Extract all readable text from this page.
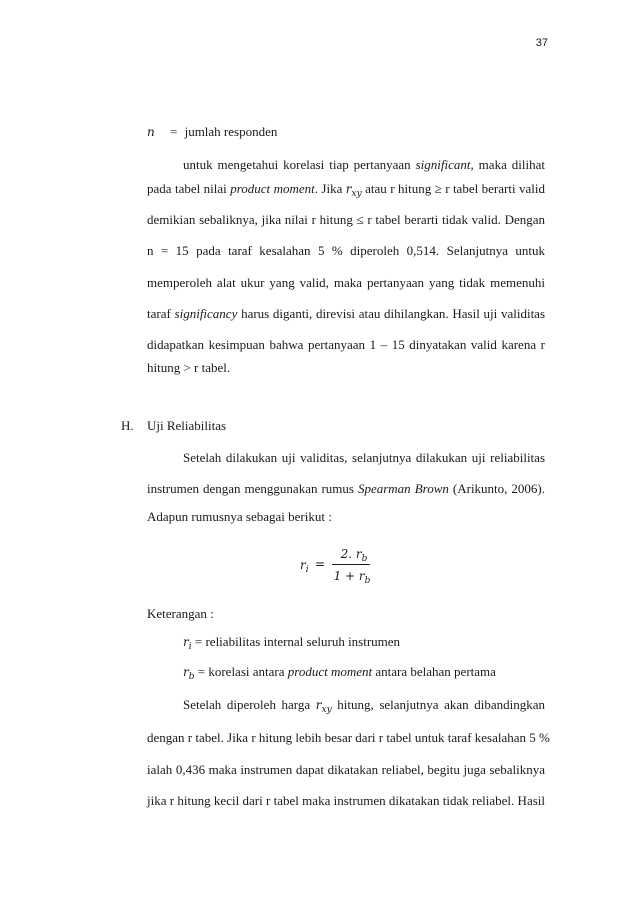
37
n = jumlah responden
untuk mengetahui korelasi tiap pertanyaan significant, maka dilihat
pada tabel nilai product moment. Jika $r_{xy}$ atau r hitung ≥ r tabel berarti valid
demikian sebaliknya, jika nilai r hitung ≤ r tabel berarti tidak valid. Dengan
n = 15 pada taraf kesalahan 5 % diperoleh 0,514. Selanjutnya untuk
memperoleh alat ukur yang valid, maka pertanyaan yang tidak memenuhi
taraf significancy harus diganti, direvisi atau dihilangkan. Hasil uji validitas
didapatkan kesimpuan bahwa pertanyaan 1 – 15 dinyatakan valid karena r
hitung > r tabel.
H. Uji Reliabilitas
Setelah dilakukan uji validitas, selanjutnya dilakukan uji reliabilitas
instrumen dengan menggunakan rumus Spearman Brown (Arikunto, 2006).
Adapun rumusnya sebagai berikut :
$r_i$ =
2. $r_b$
$1 + r_b$
Keterangan :
$r_i$ = reliabilitas internal seluruh instrumen
$r_b$ = korelasi antara product moment antara belahan pertama
Setelah diperoleh harga $r_{xy}$ hitung, selanjutnya akan dibandingkan
dengan r tabel. Jika r hitung lebih besar dari r tabel untuk taraf kesalahan 5 %
ialah 0,436 maka instrumen dapat dikatakan reliabel, begitu juga sebaliknya
jika r hitung kecil dari r tabel maka instrumen dikatakan tidak reliabel. Hasil
